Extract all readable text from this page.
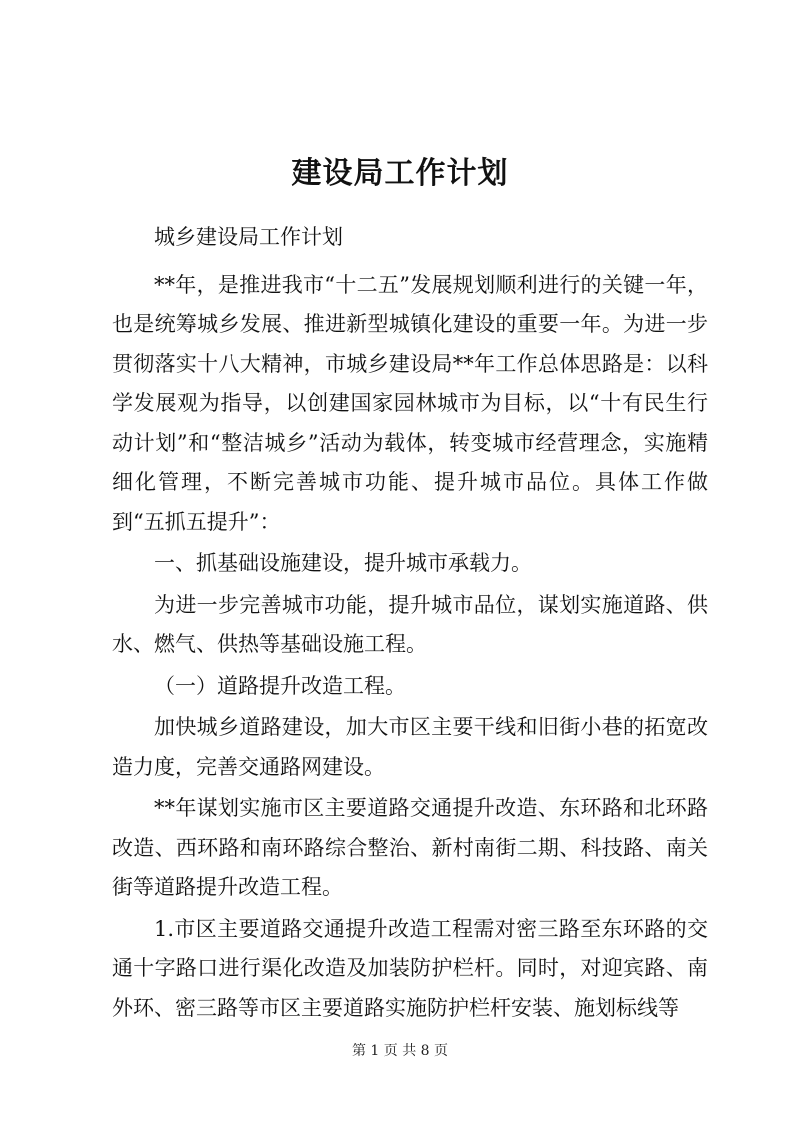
建设局工作计划

城乡建设局工作计划

**年，是推进我市“十二五”发展规划顺利进行的关键一年，也是统筹城乡发展、推进新型城镇化建设的重要一年。为进一步贯彻落实十八大精神，市城乡建设局**年工作总体思路是：以科学发展观为指导，以创建国家园林城市为目标，以“十有民生行动计划”和“整洁城乡”活动为载体，转变城市经营理念，实施精细化管理，不断完善城市功能、提升城市品位。具体工作做到“五抓五提升”：

一、抓基础设施建设，提升城市承载力。

为进一步完善城市功能，提升城市品位，谋划实施道路、供水、燃气、供热等基础设施工程。

（一）道路提升改造工程。

加快城乡道路建设，加大市区主要干线和旧街小巷的拓宽改造力度，完善交通路网建设。

**年谋划实施市区主要道路交通提升改造、东环路和北环路改造、西环路和南环路综合整治、新村南街二期、科技路、南关街等道路提升改造工程。

1.市区主要道路交通提升改造工程需对密三路至东环路的交通十字路口进行渠化改造及加装防护栏杆。同时，对迎宾路、南外环、密三路等市区主要道路实施防护栏杆安装、施划标线等

第 1 页 共 8 页
